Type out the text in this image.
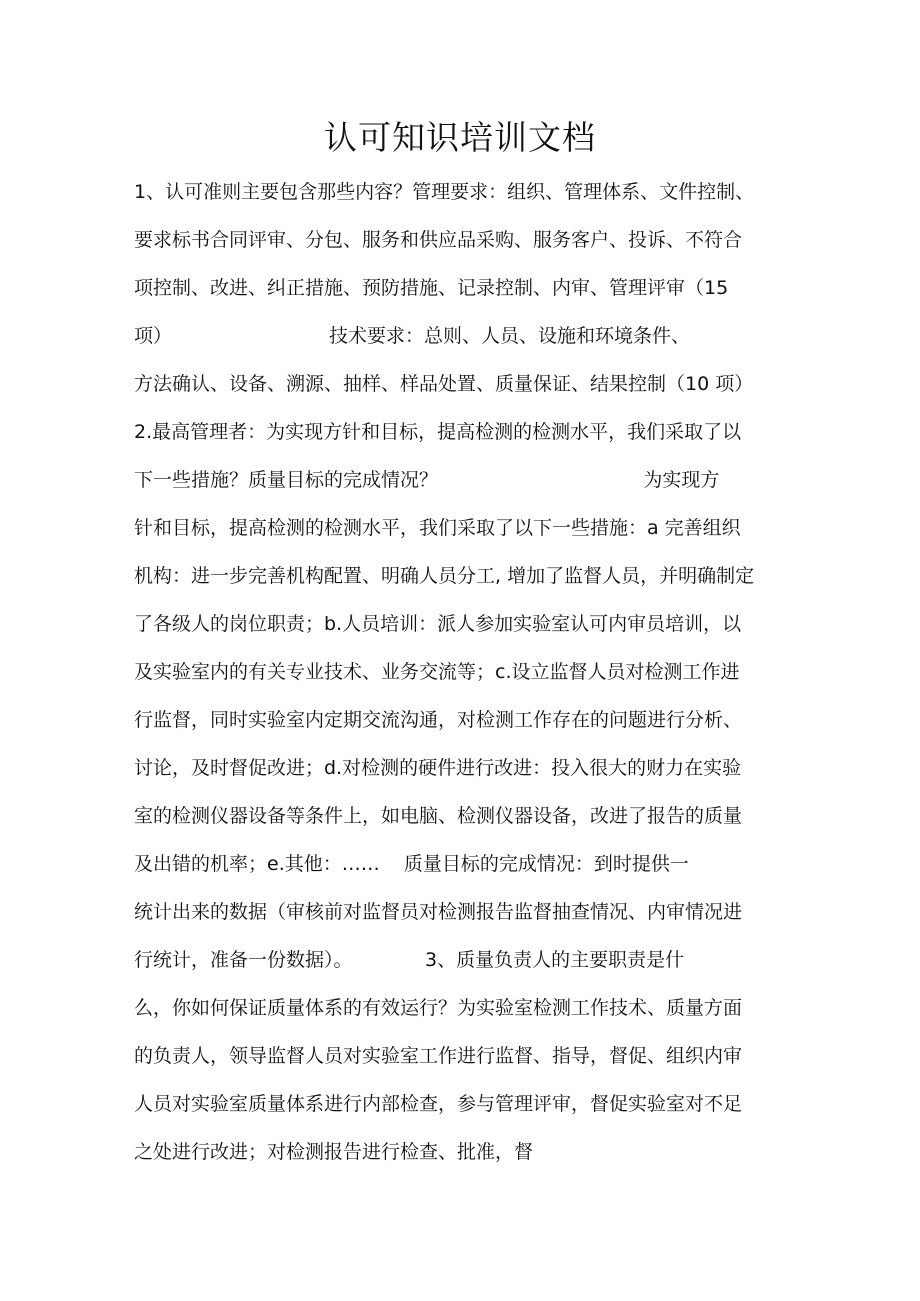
认可知识培训文档
1、认可准则主要包含那些内容？管理要求：组织、管理体系、文件控制、
要求标书合同评审、分包、服务和供应品采购、服务客户、投诉、不符合
项控制、改进、纠正措施、预防措施、记录控制、内审、管理评审（15
项）                          技术要求：总则、人员、设施和环境条件、
方法确认、设备、溯源、抽样、样品处置、质量保证、结果控制（10 项）
2.最高管理者：为实现方针和目标，提高检测的检测水平，我们采取了以
下一些措施？质量目标的完成情况？                                  为实现方
针和目标，提高检测的检测水平，我们采取了以下一些措施：a 完善组织
机构：进一步完善机构配置、明确人员分工, 增加了监督人员，并明确制定
了各级人的岗位职责；b.人员培训：派人参加实验室认可内审员培训，以
及实验室内的有关专业技术、业务交流等；c.设立监督人员对检测工作进
行监督，同时实验室内定期交流沟通，对检测工作存在的问题进行分析、
讨论，及时督促改进；d.对检测的硬件进行改进：投入很大的财力在实验
室的检测仪器设备等条件上，如电脑、检测仪器设备，改进了报告的质量
及出错的机率；e.其他：……    质量目标的完成情况：到时提供一
统计出来的数据（审核前对监督员对检测报告监督抽查情况、内审情况进
行统计，准备一份数据）。            3、质量负责人的主要职责是什
么，你如何保证质量体系的有效运行？为实验室检测工作技术、质量方面
的负责人，领导监督人员对实验室工作进行监督、指导，督促、组织内审
人员对实验室质量体系进行内部检查，参与管理评审，督促实验室对不足
之处进行改进；对检测报告进行检查、批准，督
